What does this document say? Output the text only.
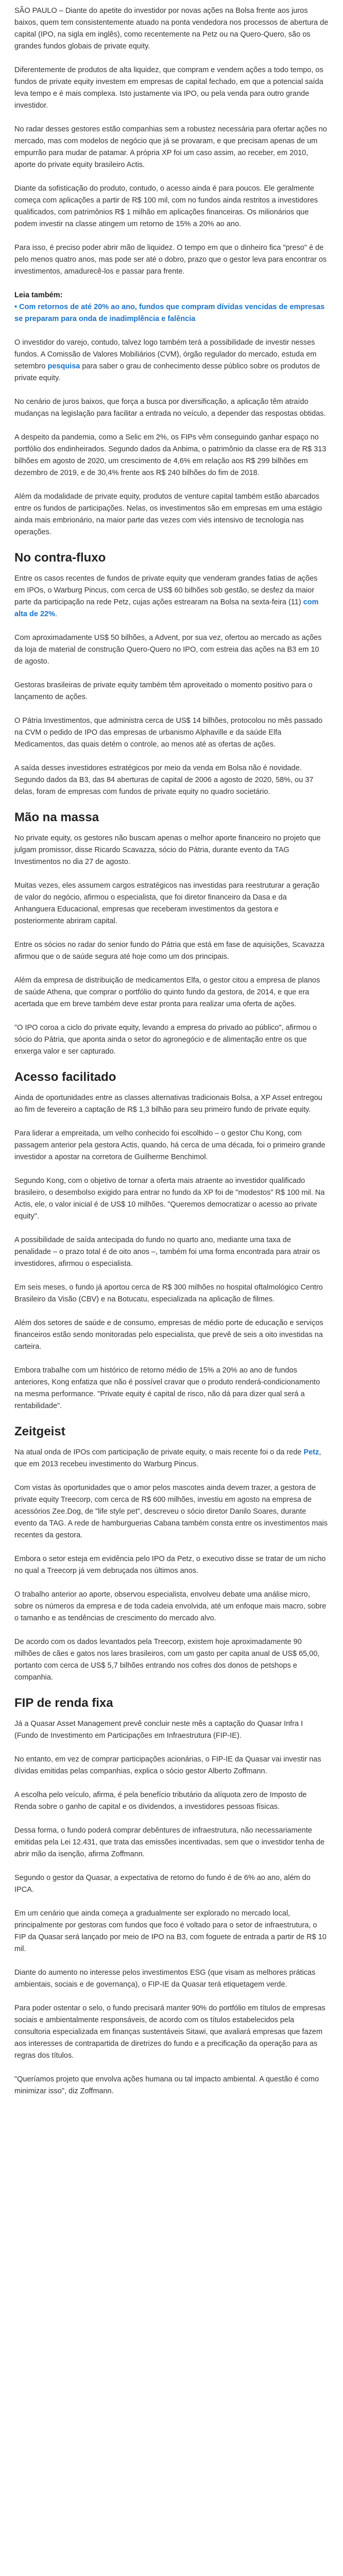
SÃO PAULO – Diante do apetite do investidor por novas ações na Bolsa frente aos juros baixos, quem tem consistentemente atuado na ponta vendedora nos processos de abertura de capital (IPO, na sigla em inglês), como recentemente na Petz ou na Quero-Quero, são os grandes fundos globais de private equity.

Diferentemente de produtos de alta liquidez, que compram e vendem ações a todo tempo, os fundos de private equity investem em empresas de capital fechado, em que a potencial saída leva tempo e é mais complexa. Isto justamente via IPO, ou pela venda para outro grande investidor.

No radar desses gestores estão companhias sem a robustez necessária para ofertar ações no mercado, mas com modelos de negócio que já se provaram, e que precisam apenas de um empurrão para mudar de patamar. A própria XP foi um caso assim, ao receber, em 2010, aporte do private equity brasileiro Actis.

Diante da sofisticação do produto, contudo, o acesso ainda é para poucos. Ele geralmente começa com aplicações a partir de R$ 100 mil, com no fundos ainda restritos a investidores qualificados, com patrimônios R$ 1 milhão em aplicações financeiras. Os milionários que podem investir na classe atingem um retorno de 15% a 20% ao ano.

Para isso, é preciso poder abrir mão de liquidez. O tempo em que o dinheiro fica "preso" é de pelo menos quatro anos, mas pode ser até o dobro, prazo que o gestor leva para encontrar os investimentos, amadurecê-los e passar para frente.

Leia também:
• Com retornos de até 20% ao ano, fundos que compram dívidas vencidas de empresas se preparam para onda de inadimplência e falência

O investidor do varejo, contudo, talvez logo também terá a possibilidade de investir nesses fundos. A Comissão de Valores Mobiliários (CVM), órgão regulador do mercado, estuda em setembro pesquisa para saber o grau de conhecimento desse público sobre os produtos de private equity.

No cenário de juros baixos, que força a busca por diversificação, a aplicação têm atraído mudanças na legislação para facilitar a entrada no veículo, a depender das respostas obtidas.

A despeito da pandemia, como a Selic em 2%, os FIPs vêm conseguindo ganhar espaço no portfólio dos endinheirados. Segundo dados da Anbima, o patrimônio da classe era de R$ 313 bilhões em agosto de 2020, um crescimento de 4,6% em relação aos R$ 299 bilhões em dezembro de 2019, e de 30,4% frente aos R$ 240 bilhões do fim de 2018.

Além da modalidade de private equity, produtos de venture capital também estão abarcados entre os fundos de participações. Nelas, os investimentos são em empresas em uma estágio ainda mais embrionário, na maior parte das vezes com viés intensivo de tecnologia nas operações.

No contra-fluxo

Entre os casos recentes de fundos de private equity que venderam grandes fatias de ações em IPOs, o Warburg Pincus, com cerca de US$ 60 bilhões sob gestão, se desfez da maior parte da participação na rede Petz, cujas ações estrearam na Bolsa na sexta-feira (11) com alta de 22%.

Com aproximadamente US$ 50 bilhões, a Advent, por sua vez, ofertou ao mercado as ações da loja de material de construção Quero-Quero no IPO, com estreia das ações na B3 em 10 de agosto.

Gestoras brasileiras de private equity também têm aproveitado o momento positivo para o lançamento de ações.

O Pátria Investimentos, que administra cerca de US$ 14 bilhões, protocolou no mês passado na CVM o pedido de IPO das empresas de urbanismo Alphaville e da saúde Elfa Medicamentos, das quais detém o controle, ao menos até as ofertas de ações.

A saída desses investidores estratégicos por meio da venda em Bolsa não é novidade. Segundo dados da B3, das 84 aberturas de capital de 2006 a agosto de 2020, 58%, ou 37 delas, foram de empresas com fundos de private equity no quadro societário.

Mão na massa

No private equity, os gestores não buscam apenas o melhor aporte financeiro no projeto que julgam promissor, disse Ricardo Scavazza, sócio do Pátria, durante evento da TAG Investimentos no dia 27 de agosto.

Muitas vezes, eles assumem cargos estratégicos nas investidas para reestruturar a geração de valor do negócio, afirmou o especialista, que foi diretor financeiro da Dasa e da Anhanguera Educacional, empresas que receberam investimentos da gestora e posteriormente abriram capital.

Entre os sócios no radar do senior fundo do Pátria que está em fase de aquisições, Scavazza afirmou que o de saúde segura até hoje como um dos principais.

Além da empresa de distribuição de medicamentos Elfa, o gestor citou a empresa de planos de saúde Athena, que comprar o portfólio do quinto fundo da gestora, de 2014, e que era acertada que em breve também deve estar pronta para realizar uma oferta de ações.

"O IPO coroa a ciclo do private equity, levando a empresa do privado ao público", afirmou o sócio do Pátria, que aponta ainda o setor do agronegócio e de alimentação entre os que enxerga valor e ser capturado.

Acesso facilitado

Ainda de oportunidades entre as classes alternativas tradicionais Bolsa, a XP Asset entregou ao fim de fevereiro a captação de R$ 1,3 bilhão para seu primeiro fundo de private equity.

Para liderar a empreitada, um velho conhecido foi escolhido – o gestor Chu Kong, com passagem anterior pela gestora Actis, quando, há cerca de uma década, foi o primeiro grande investidor a apostar na corretora de Guilherme Benchimol.

Segundo Kong, com o objetivo de tornar a oferta mais atraente ao investidor qualificado brasileiro, o desembolso exigido para entrar no fundo da XP foi de "modestos" R$ 100 mil. Na Actis, ele, o valor inicial é de US$ 10 milhões. "Queremos democratizar o acesso ao private equity".

A possibilidade de saída antecipada do fundo no quarto ano, mediante uma taxa de penalidade – o prazo total é de oito anos –, também foi uma forma encontrada para atrair os investidores, afirmou o especialista.

Em seis meses, o fundo já aportou cerca de R$ 300 milhões no hospital oftalmológico Centro Brasileiro da Visão (CBV) e na Botucatu, especializada na aplicação de filmes.

Além dos setores de saúde e de consumo, empresas de médio porte de educação e serviços financeiros estão sendo monitoradas pelo especialista, que prevê de seis a oito investidas na carteira.

Embora trabalhe com um histórico de retorno médio de 15% a 20% ao ano de fundos anteriores, Kong enfatiza que não é possível cravar que o produto renderá-condicionamento na mesma performance. "Private equity é capital de risco, não dá para dizer qual será a rentabilidade".

Zeitgeist

Na atual onda de IPOs com participação de private equity, o mais recente foi o da rede Petz, que em 2013 recebeu investimento do Warburg Pincus.

Com vistas às oportunidades que o amor pelos mascotes ainda devem trazer, a gestora de private equity Treecorp, com cerca de R$ 600 milhões, investiu em agosto na empresa de acessórios Zee.Dog, de "life style pet", descreveu o sócio diretor Danilo Soares, durante evento da TAG. A rede de hamburguerias Cabana também consta entre os investimentos mais recentes da gestora.

Embora o setor esteja em evidência pelo IPO da Petz, o executivo disse se tratar de um nicho no qual a Treecorp já vem debruçada nos últimos anos.

O trabalho anterior ao aporte, observou especialista, envolveu debate uma análise micro, sobre os números da empresa e de toda cadeia envolvida, até um enfoque mais macro, sobre o tamanho e as tendências de crescimento do mercado alvo.

De acordo com os dados levantados pela Treecorp, existem hoje aproximadamente 90 milhões de cães e gatos nos lares brasileiros, com um gasto per capita anual de US$ 65,00, portanto com cerca de US$ 5,7 bilhões entrando nos cofres dos donos de petshops e companhia.

FIP de renda fixa

Já a Quasar Asset Management prevê concluir neste mês a captação do Quasar Infra I (Fundo de Investimento em Participações em Infraestrutura (FIP-IE).

No entanto, em vez de comprar participações acionárias, o FIP-IE da Quasar vai investir nas dívidas emitidas pelas companhias, explica o sócio gestor Alberto Zoffmann.

A escolha pelo veículo, afirma, é pela benefício tributário da alíquota zero de Imposto de Renda sobre o ganho de capital e os dividendos, a investidores pessoas físicas.

Dessa forma, o fundo poderá comprar debêntures de infraestrutura, não necessariamente emitidas pela Lei 12.431, que trata das emissões incentivadas, sem que o investidor tenha de abrir mão da isenção, afirma Zoffmann.

Segundo o gestor da Quasar, a expectativa de retorno do fundo é de 6% ao ano, além do IPCA.

Em um cenário que ainda começa a gradualmente ser explorado no mercado local, principalmente por gestoras com fundos que foco é voltado para o setor de infraestrutura, o FIP da Quasar será lançado por meio de IPO na B3, com foguete de entrada a partir de R$ 10 mil.

Diante do aumento no interesse pelos investimentos ESG (que visam as melhores práticas ambientais, sociais e de governança), o FIP-IE da Quasar terá etiquetagem verde.

Para poder ostentar o selo, o fundo precisará manter 90% do portfólio em títulos de empresas sociais e ambientalmente responsáveis, de acordo com os títulos estabelecidos pela consultoria especializada em finanças sustentáveis Sitawi, que avaliará empresas que fazem aos interesses de contrapartida de diretrizes do fundo e a precificação da operação para as regras dos títulos.

"Queríamos projeto que envolva ações humana ou tal impacto ambiental. A questão é como minimizar isso", diz Zoffmann.
